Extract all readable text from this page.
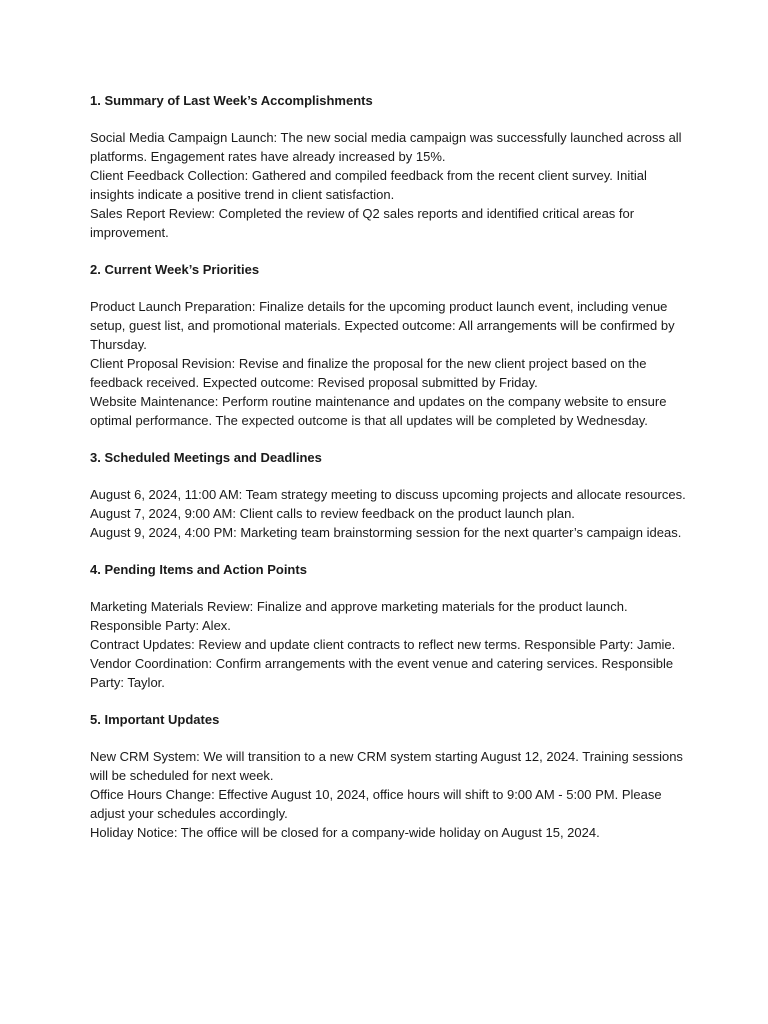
1. Summary of Last Week’s Accomplishments

Social Media Campaign Launch: The new social media campaign was successfully launched across all platforms. Engagement rates have already increased by 15%.

Client Feedback Collection: Gathered and compiled feedback from the recent client survey. Initial insights indicate a positive trend in client satisfaction.

Sales Report Review: Completed the review of Q2 sales reports and identified critical areas for improvement.

2. Current Week’s Priorities

Product Launch Preparation: Finalize details for the upcoming product launch event, including venue setup, guest list, and promotional materials. Expected outcome: All arrangements will be confirmed by Thursday.

Client Proposal Revision: Revise and finalize the proposal for the new client project based on the feedback received. Expected outcome: Revised proposal submitted by Friday.

Website Maintenance: Perform routine maintenance and updates on the company website to ensure optimal performance. The expected outcome is that all updates will be completed by Wednesday.

3. Scheduled Meetings and Deadlines

August 6, 2024, 11:00 AM: Team strategy meeting to discuss upcoming projects and allocate resources.

August 7, 2024, 9:00 AM: Client calls to review feedback on the product launch plan.

August 9, 2024, 4:00 PM: Marketing team brainstorming session for the next quarter’s campaign ideas.

4. Pending Items and Action Points

Marketing Materials Review: Finalize and approve marketing materials for the product launch. Responsible Party: Alex.

Contract Updates: Review and update client contracts to reflect new terms. Responsible Party: Jamie.

Vendor Coordination: Confirm arrangements with the event venue and catering services. Responsible Party: Taylor.

5. Important Updates

New CRM System: We will transition to a new CRM system starting August 12, 2024. Training sessions will be scheduled for next week.

Office Hours Change: Effective August 10, 2024, office hours will shift to 9:00 AM - 5:00 PM. Please adjust your schedules accordingly.

Holiday Notice: The office will be closed for a company-wide holiday on August 15, 2024.
